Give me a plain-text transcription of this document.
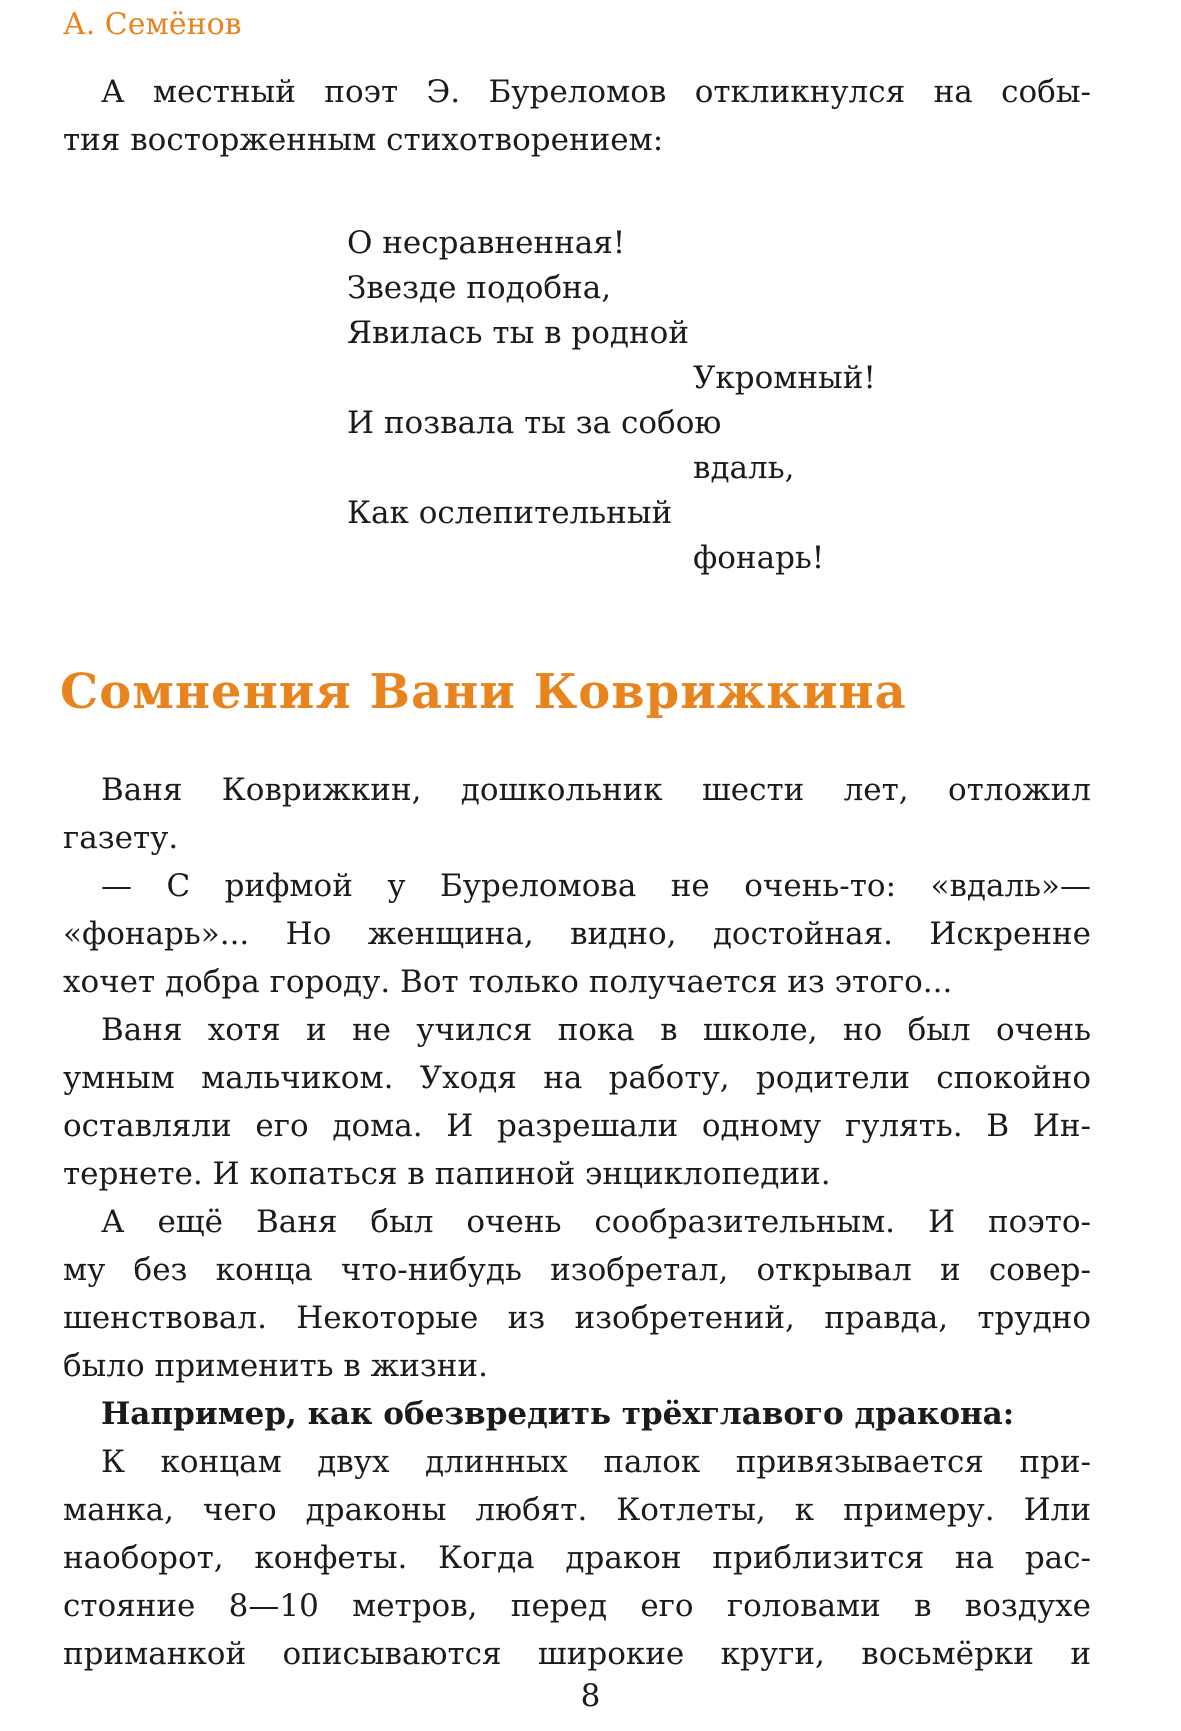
А. Семёнов
А местный поэт Э. Буреломов откликнулся на собы-
тия восторженным стихотворением:
О несравненная!
Звезде подобна,
Явилась ты в родной
Укромный!
И позвала ты за собою
вдаль,
Как ослепительный
фонарь!
Сомнения Вани Коврижкина
Ваня Коврижкин, дошкольник шести лет, отложил
газету.
— С рифмой у Буреломова не очень-то: «вдаль»—
«фонарь»... Но женщина, видно, достойная. Искренне
хочет добра городу. Вот только получается из этого...
Ваня хотя и не учился пока в школе, но был очень
умным мальчиком. Уходя на работу, родители спокойно
оставляли его дома. И разрешали одному гулять. В Ин-
тернете. И копаться в папиной энциклопедии.
А ещё Ваня был очень сообразительным. И поэто-
му без конца что-нибудь изобретал, открывал и совер-
шенствовал. Некоторые из изобретений, правда, трудно
было применить в жизни.
Например, как обезвредить трёхглавого дракона:
К концам двух длинных палок привязывается при-
манка, чего драконы любят. Котлеты, к примеру. Или
наоборот, конфеты. Когда дракон приблизится на рас-
стояние 8—10 метров, перед его головами в воздухе
приманкой описываются широкие круги, восьмёрки и
8
